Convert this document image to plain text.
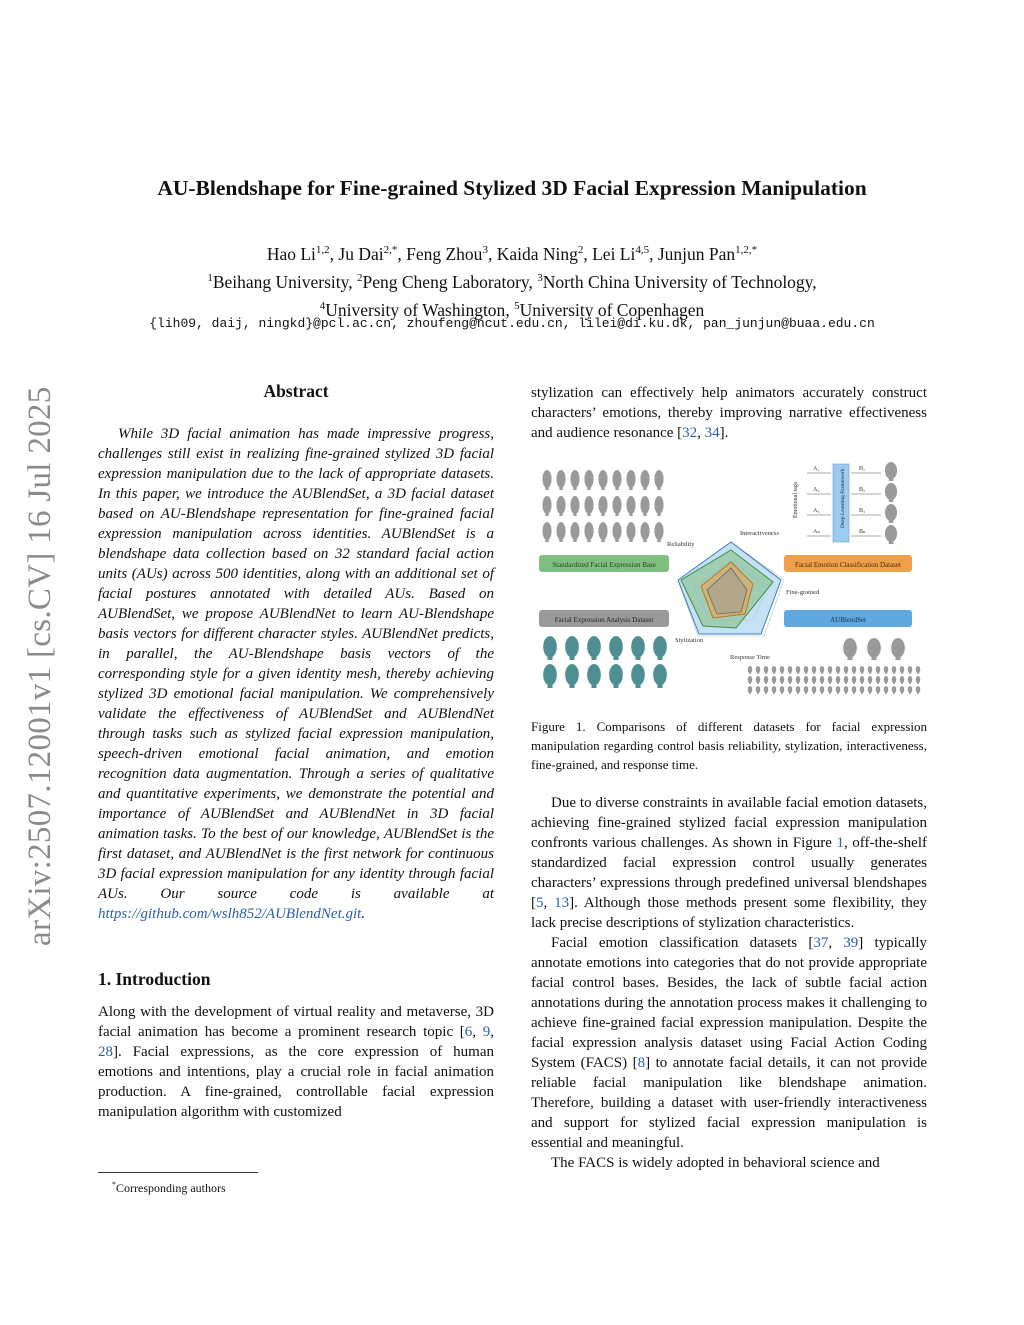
arXiv:2507.12001v1 [cs.CV] 16 Jul 2025
AU-Blendshape for Fine-grained Stylized 3D Facial Expression Manipulation
Hao Li$^{1,2}$, Ju Dai$^{2,*}$, Feng Zhou$^3$, Kaida Ning$^2$, Lei Li$^{4,5}$, Junjun Pan$^{1,2,*}$
$^1$Beihang University, $^2$Peng Cheng Laboratory, $^3$North China University of Technology,
$^4$University of Washington, $^5$University of Copenhagen
{lih09, daij, ningkd}@pcl.ac.cn, zhoufeng@ncut.edu.cn, lilei@di.ku.dk, pan_junjun@buaa.edu.cn
Abstract

While 3D facial animation has made impressive progress, challenges still exist in realizing fine-grained stylized 3D facial expression manipulation due to the lack of appropriate datasets. In this paper, we introduce the AUBlendSet, a 3D facial dataset based on AU-Blendshape representation for fine-grained facial expression manipulation across identities. AUBlendSet is a blendshape data collection based on 32 standard facial action units (AUs) across 500 identities, along with an additional set of facial postures annotated with detailed AUs. Based on AUBlendSet, we propose AUBlendNet to learn AU-Blendshape basis vectors for different character styles. AUBlendNet predicts, in parallel, the AU-Blendshape basis vectors of the corresponding style for a given identity mesh, thereby achieving stylized 3D emotional facial manipulation. We comprehensively validate the effectiveness of AUBlendSet and AUBlendNet through tasks such as stylized facial expression manipulation, speech-driven emotional facial animation, and emotion recognition data augmentation. Through a series of qualitative and quantitative experiments, we demonstrate the potential and importance of AUBlendSet and AUBlendNet in 3D facial animation tasks. To the best of our knowledge, AUBlendSet is the first dataset, and AUBlendNet is the first network for continuous 3D facial expression manipulation for any identity through facial AUs. Our source code is available at https://github.com/wslh852/AUBlendNet.git.

1. Introduction

Along with the development of virtual reality and metaverse, 3D facial animation has become a prominent research topic [6, 9, 28]. Facial expressions, as the core expression of human emotions and intentions, play a crucial role in facial animation production. A fine-grained, controllable facial expression manipulation algorithm with customized

*Corresponding authors

stylization can effectively help animators accurately construct characters’ emotions, thereby improving narrative effectiveness and audience resonance [32, 34].

Standardized Facial Expression Base	Facial Emotion Classification Dataset
Facial Expression Analysis Dataset	AUBlendSet
Reliability
Interactiveness
Fine-grained
Response Time
Stylization
Emotional tags
A₁
A₂
A₃
Aₙ
Deep Learning Framework B₁
B₂
B₃
Bₙ
Figure 1. Comparisons of different datasets for facial expression manipulation regarding control basis reliability, stylization, interactiveness, fine-grained, and response time.

Due to diverse constraints in available facial emotion datasets, achieving fine-grained stylized facial expression manipulation confronts various challenges. As shown in Figure 1, off-the-shelf standardized facial expression control usually generates characters’ expressions through predefined universal blendshapes [5, 13]. Although those methods present some flexibility, they lack precise descriptions of stylization characteristics.

Facial emotion classification datasets [37, 39] typically annotate emotions into categories that do not provide appropriate facial control bases. Besides, the lack of subtle facial action annotations during the annotation process makes it challenging to achieve fine-grained facial expression manipulation. Despite the facial expression analysis dataset using Facial Action Coding System (FACS) [8] to annotate facial details, it can not provide reliable facial manipulation like blendshape animation. Therefore, building a dataset with user-friendly interactiveness and support for stylized facial expression manipulation is essential and meaningful.

The FACS is widely adopted in behavioral science and
